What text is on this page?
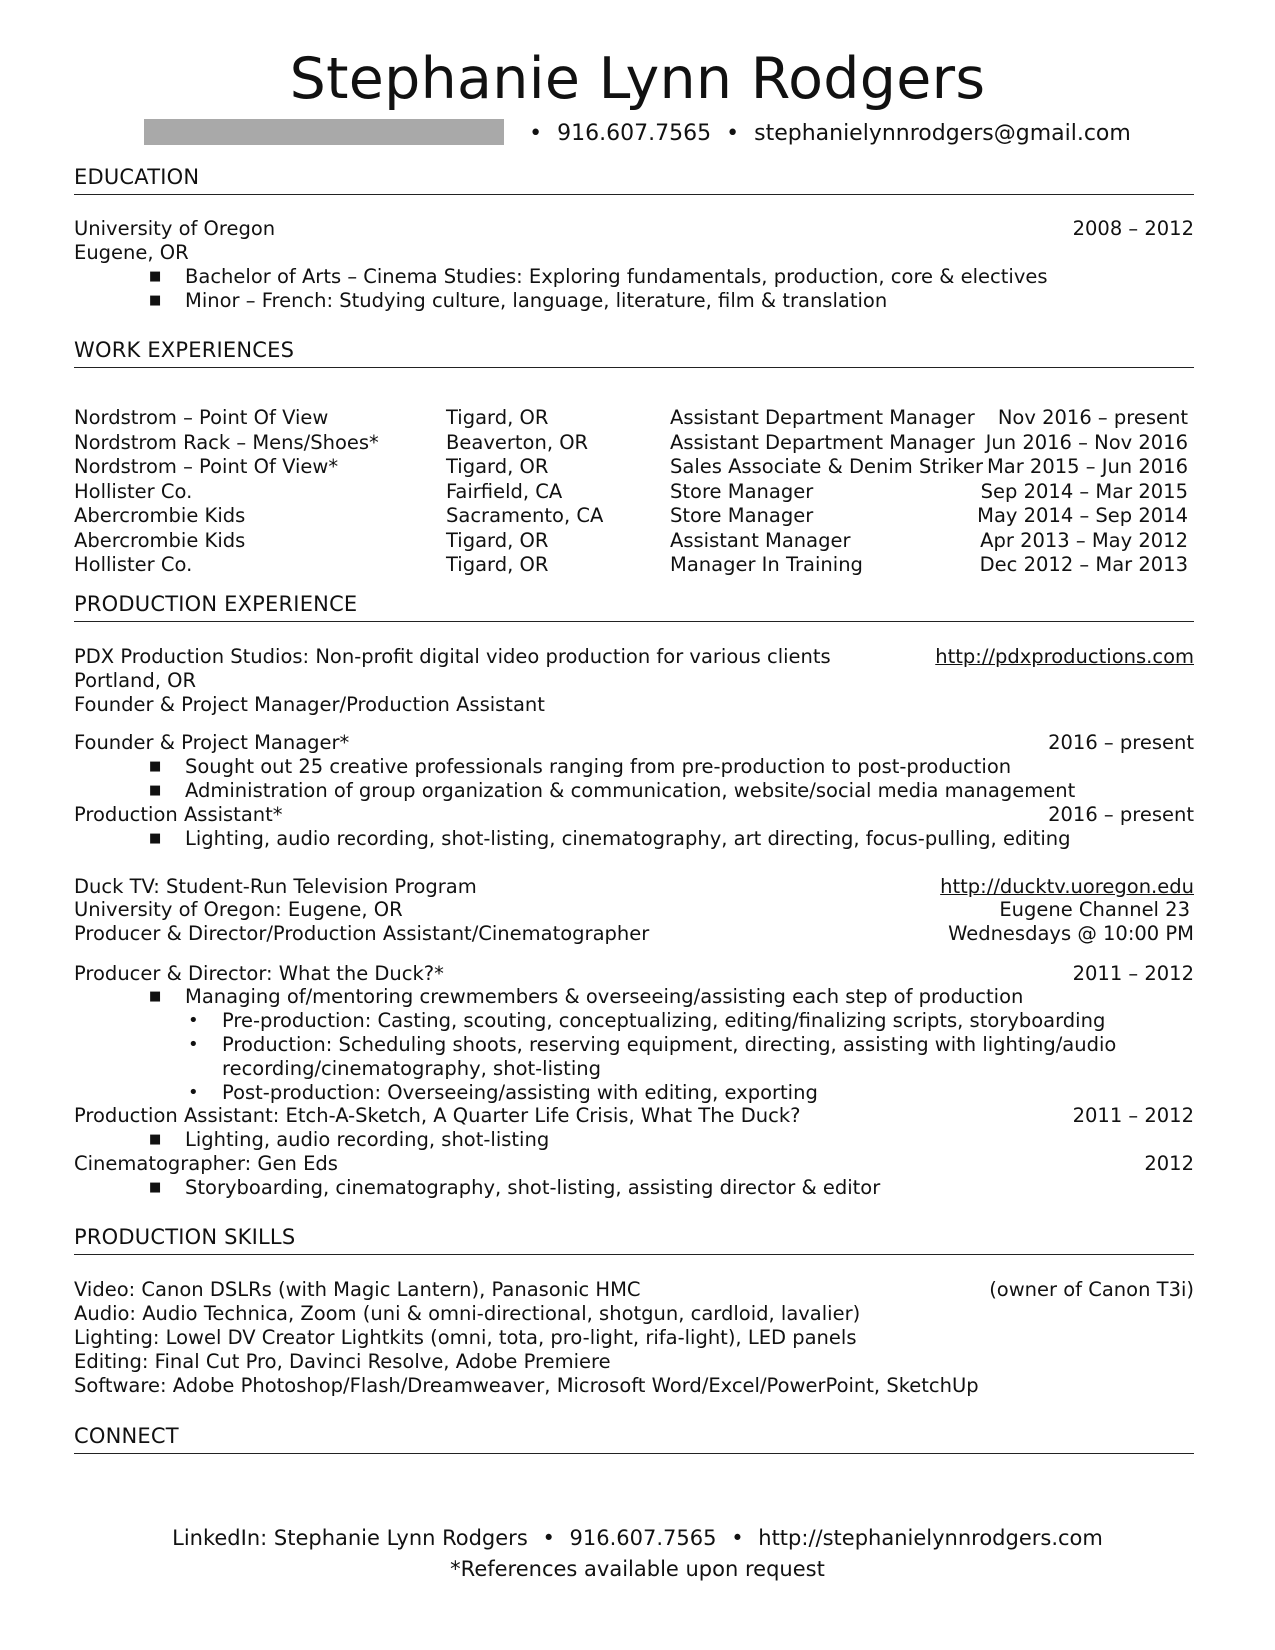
Stephanie Lynn Rodgers
• 916.607.7565 • stephanielynnrodgers@gmail.com
EDUCATION
University of Oregon	2008 – 2012
Eugene, OR
■ Bachelor of Arts – Cinema Studies: Exploring fundamentals, production, core & electives
■ Minor – French: Studying culture, language, literature, film & translation
WORK EXPERIENCES
Nordstrom – Point Of View	Tigard, OR	Assistant Department Manager Nov 2016 – present
Nordstrom Rack – Mens/Shoes*	Beaverton, OR	Assistant Department Manager Jun 2016 – Nov 2016
Nordstrom – Point Of View*	Tigard, OR	Sales Associate & Denim Striker Mar 2015 – Jun 2016
Hollister Co.	Fairfield, CA	Store Manager	Sep 2014 – Mar 2015
Abercrombie Kids	Sacramento, CA	Store Manager	May 2014 – Sep 2014
Abercrombie Kids	Tigard, OR	Assistant Manager	Apr 2013 – May 2012
Hollister Co.	Tigard, OR	Manager In Training	Dec 2012 – Mar 2013
PRODUCTION EXPERIENCE
PDX Production Studios: Non-profit digital video production for various clients	http://pdxproductions.com
Portland, OR
Founder & Project Manager/Production Assistant
Founder & Project Manager*	2016 – present
■ Sought out 25 creative professionals ranging from pre-production to post-production
■ Administration of group organization & communication, website/social media management
Production Assistant*	2016 – present
■ Lighting, audio recording, shot-listing, cinematography, art directing, focus-pulling, editing
Duck TV: Student-Run Television Program	http://ducktv.uoregon.edu
University of Oregon: Eugene, OR	Eugene Channel 23
Producer & Director/Production Assistant/Cinematographer	Wednesdays @ 10:00 PM
Producer & Director: What the Duck?*	2011 – 2012
■ Managing of/mentoring crewmembers & overseeing/assisting each step of production
• Pre-production: Casting, scouting, conceptualizing, editing/finalizing scripts, storyboarding
• Production: Scheduling shoots, reserving equipment, directing, assisting with lighting/audio
recording/cinematography, shot-listing
• Post-production: Overseeing/assisting with editing, exporting
Production Assistant: Etch-A-Sketch, A Quarter Life Crisis, What The Duck?	2011 – 2012
■ Lighting, audio recording, shot-listing
Cinematographer: Gen Eds	2012
■ Storyboarding, cinematography, shot-listing, assisting director & editor
PRODUCTION SKILLS
Video: Canon DSLRs (with Magic Lantern), Panasonic HMC	(owner of Canon T3i)
Audio: Audio Technica, Zoom (uni & omni-directional, shotgun, cardloid, lavalier)
Lighting: Lowel DV Creator Lightkits (omni, tota, pro-light, rifa-light), LED panels
Editing: Final Cut Pro, Davinci Resolve, Adobe Premiere
Software: Adobe Photoshop/Flash/Dreamweaver, Microsoft Word/Excel/PowerPoint, SketchUp
CONNECT
LinkedIn: Stephanie Lynn Rodgers • 916.607.7565 • http://stephanielynnrodgers.com
*References available upon request
